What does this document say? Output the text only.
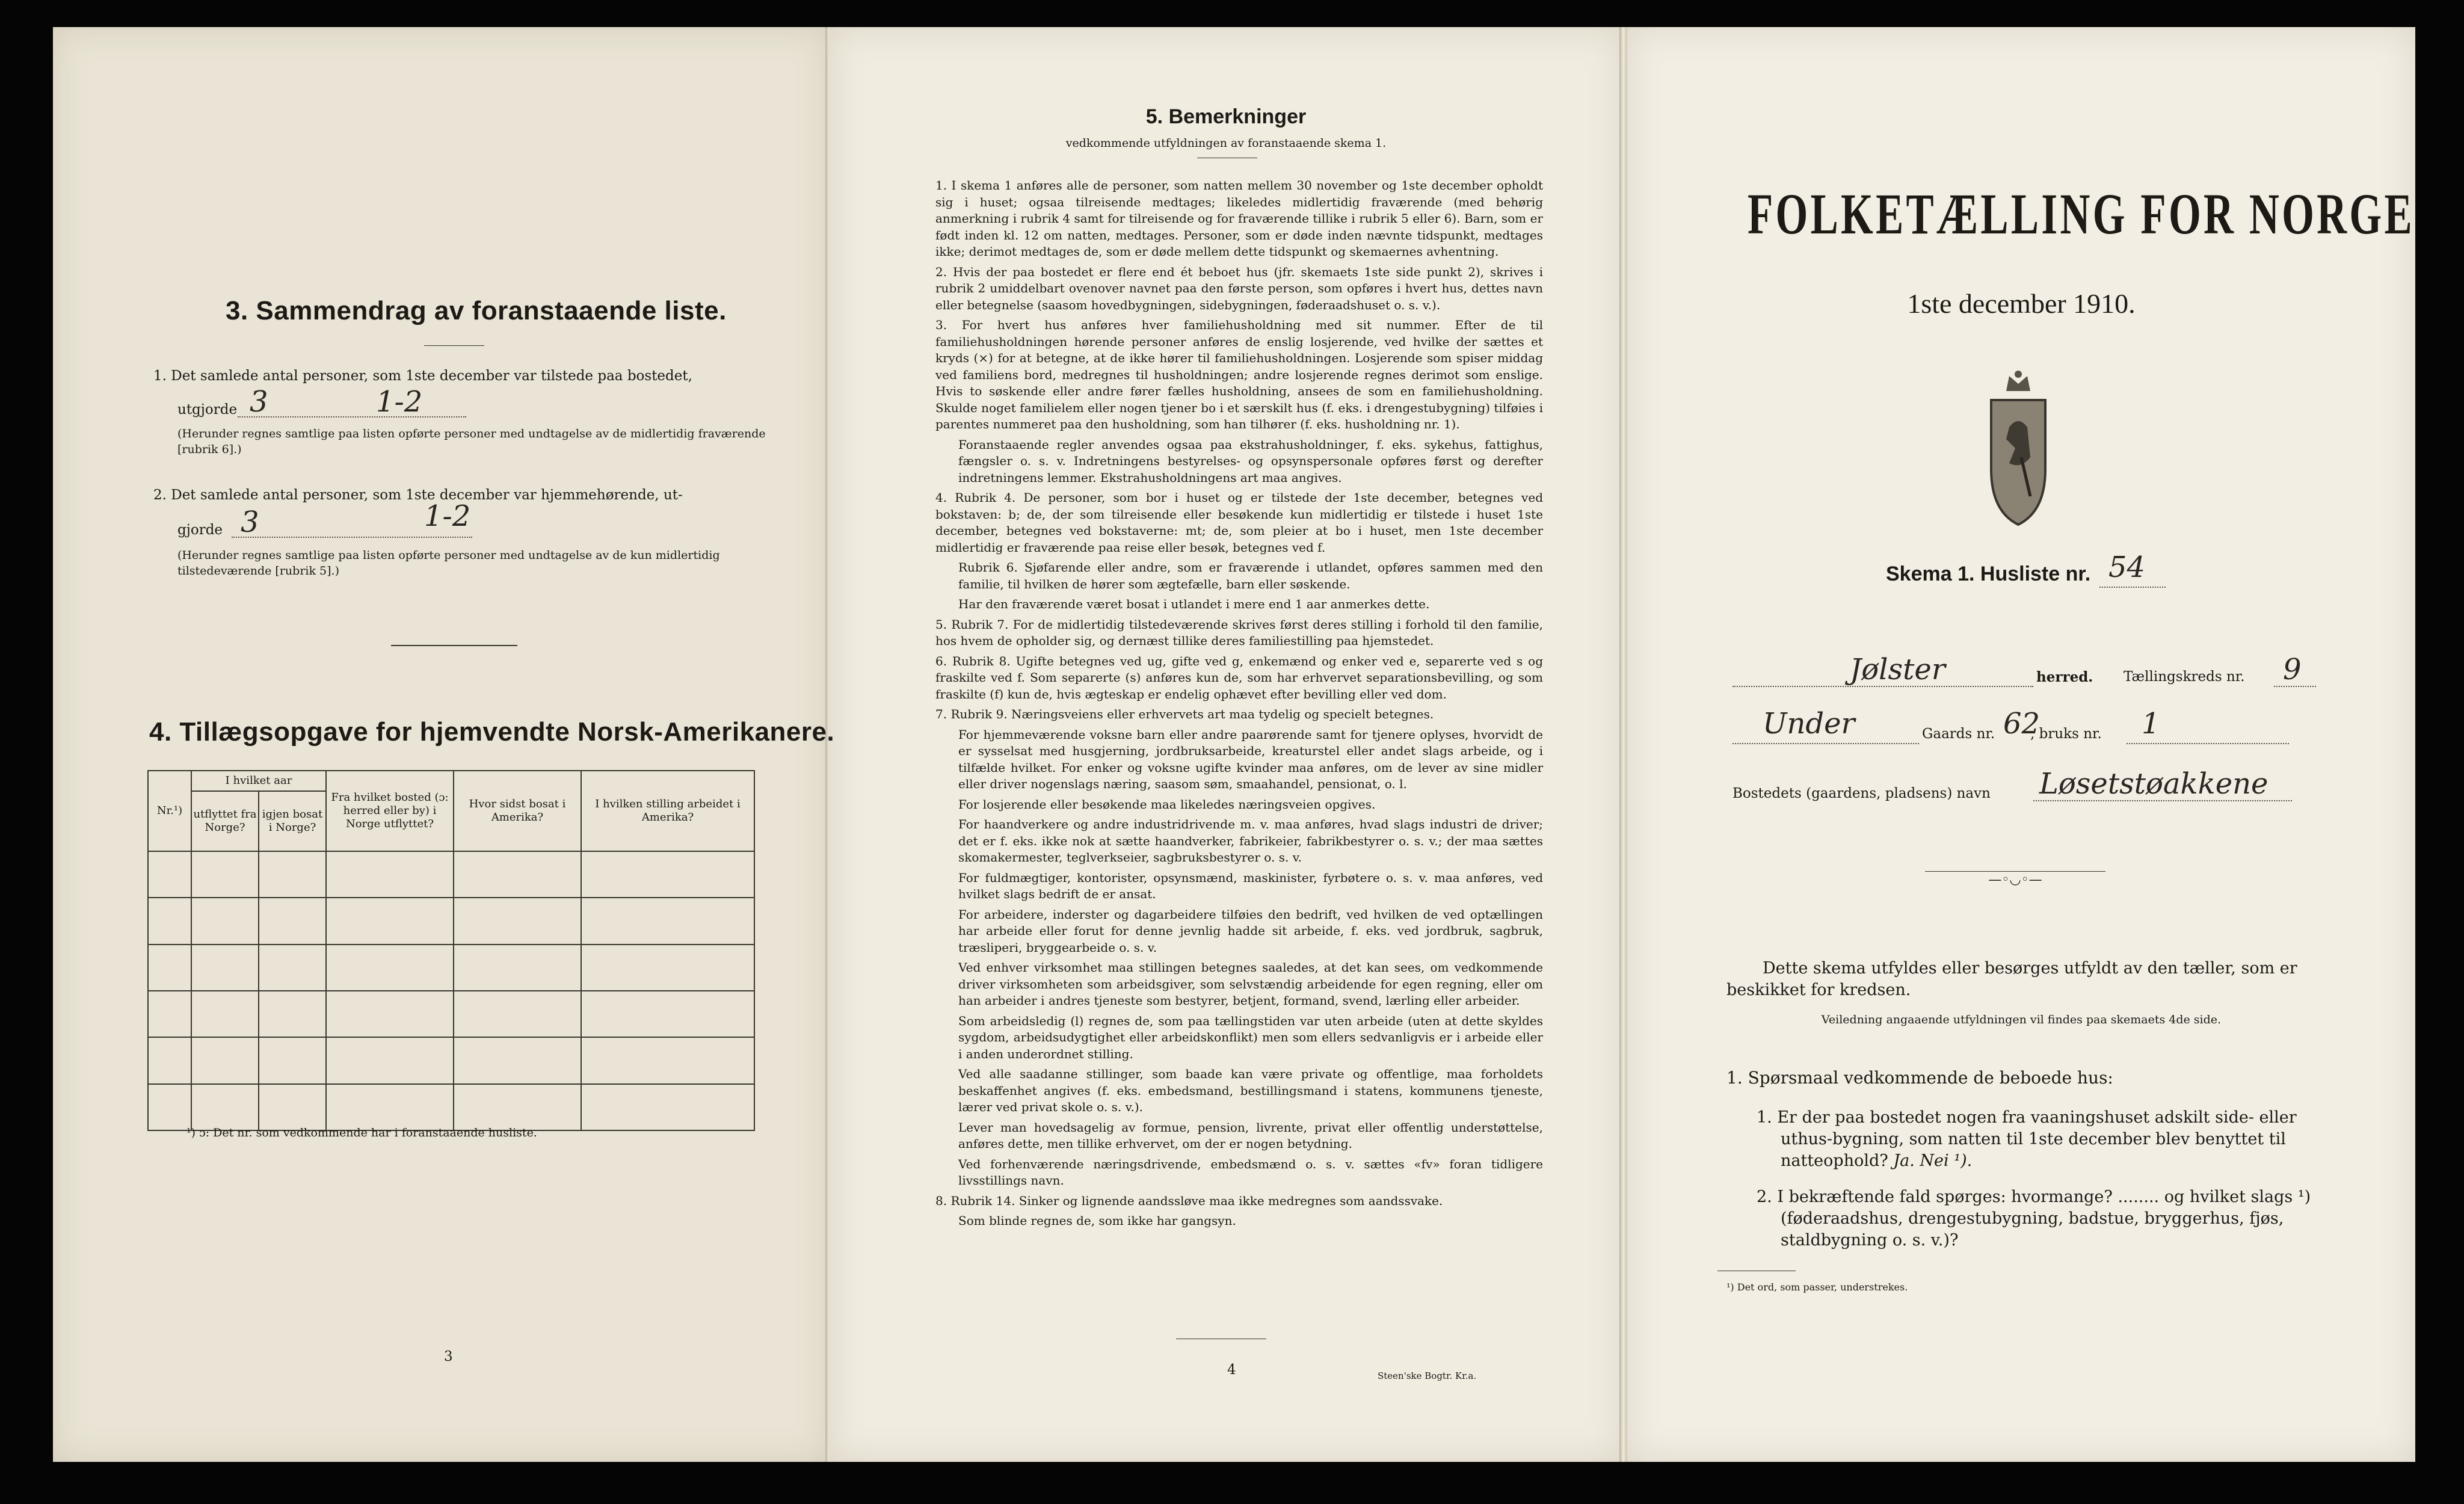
3. Sammendrag av foranstaaende liste.
1. Det samlede antal personer, som 1ste december var tilstede paa bostedet,
utgjorde 3	1-2
(Herunder regnes samtlige paa listen opførte personer med undtagelse av de midlertidig fraværende [rubrik 6].)
2. Det samlede antal personer, som 1ste december var hjemmehørende, ut-
gjorde 3	1-2
(Herunder regnes samtlige paa listen opførte personer med undtagelse av de kun midlertidig tilstedeværende [rubrik 5].)
4. Tillægsopgave for hjemvendte Norsk-Amerikanere.
Nr.¹)	I hvilket aar		Fra hvilket bosted (ɔ: herred eller by) i Norge utflyttet?	Hvor sidst bosat i Amerika?	I hvilken stilling arbeidet i Amerika?
	utflyttet fra Norge?	igjen bosat i Norge?			

¹) ɔ: Det nr. som vedkommende har i foranstaaende husliste.
3
5. Bemerkninger
vedkommende utfyldningen av foranstaaende skema 1.

1. I skema 1 anføres alle de personer, som natten mellem 30 november og 1ste december opholdt sig i huset; ogsaa tilreisende medtages; likeledes midlertidig fraværende (med behørig anmerkning i rubrik 4 samt for tilreisende og for fraværende tillike i rubrik 5 eller 6). Barn, som er født inden kl. 12 om natten, medtages. Personer, som er døde inden nævnte tidspunkt, medtages ikke; derimot medtages de, som er døde mellem dette tidspunkt og skemaernes avhentning.

2. Hvis der paa bostedet er flere end ét beboet hus (jfr. skemaets 1ste side punkt 2), skrives i rubrik 2 umiddelbart ovenover navnet paa den første person, som opføres i hvert hus, dettes navn eller betegnelse (saasom hovedbygningen, sidebygningen, føderaadshuset o. s. v.).

3. For hvert hus anføres hver familiehusholdning med sit nummer. Efter de til familiehusholdningen hørende personer anføres de enslig losjerende, ved hvilke der sættes et kryds (×) for at betegne, at de ikke hører til familiehusholdningen. Losjerende som spiser middag ved familiens bord, medregnes til husholdningen; andre losjerende regnes derimot som enslige. Hvis to søskende eller andre fører fælles husholdning, ansees de som en familiehusholdning. Skulde noget familielem eller nogen tjener bo i et særskilt hus (f. eks. i drengestubygning) tilføies i parentes nummeret paa den husholdning, som han tilhører (f. eks. husholdning nr. 1).

Foranstaaende regler anvendes ogsaa paa ekstrahusholdninger, f. eks. sykehus, fattighus, fængsler o. s. v. Indretningens bestyrelses- og opsynspersonale opføres først og derefter indretningens lemmer. Ekstrahusholdningens art maa angives.

4. Rubrik 4. De personer, som bor i huset og er tilstede der 1ste december, betegnes ved bokstaven: b; de, der som tilreisende eller besøkende kun midlertidig er tilstede i huset 1ste december, betegnes ved bokstaverne: mt; de, som pleier at bo i huset, men 1ste december midlertidig er fraværende paa reise eller besøk, betegnes ved f.

Rubrik 6. Sjøfarende eller andre, som er fraværende i utlandet, opføres sammen med den familie, til hvilken de hører som ægtefælle, barn eller søskende.

Har den fraværende været bosat i utlandet i mere end 1 aar anmerkes dette.

5. Rubrik 7. For de midlertidig tilstedeværende skrives først deres stilling i forhold til den familie, hos hvem de opholder sig, og dernæst tillike deres familiestilling paa hjemstedet.

6. Rubrik 8. Ugifte betegnes ved ug, gifte ved g, enkemænd og enker ved e, separerte ved s og fraskilte ved f. Som separerte (s) anføres kun de, som har erhvervet separationsbevilling, og som fraskilte (f) kun de, hvis ægteskap er endelig ophævet efter bevilling eller ved dom.

7. Rubrik 9. Næringsveiens eller erhvervets art maa tydelig og specielt betegnes.

For hjemmeværende voksne barn eller andre paarørende samt for tjenere oplyses, hvorvidt de er sysselsat med husgjerning, jordbruksarbeide, kreaturstel eller andet slags arbeide, og i tilfælde hvilket. For enker og voksne ugifte kvinder maa anføres, om de lever av sine midler eller driver nogenslags næring, saasom søm, smaahandel, pensionat, o. l.

For losjerende eller besøkende maa likeledes næringsveien opgives.

For haandverkere og andre industridrivende m. v. maa anføres, hvad slags industri de driver; det er f. eks. ikke nok at sætte haandverker, fabrikeier, fabrikbestyrer o. s. v.; der maa sættes skomakermester, teglverkseier, sagbruksbestyrer o. s. v.

For fuldmægtiger, kontorister, opsynsmænd, maskinister, fyrbøtere o. s. v. maa anføres, ved hvilket slags bedrift de er ansat.

For arbeidere, inderster og dagarbeidere tilføies den bedrift, ved hvilken de ved optællingen har arbeide eller forut for denne jevnlig hadde sit arbeide, f. eks. ved jordbruk, sagbruk, træsliperi, bryggearbeide o. s. v.

Ved enhver virksomhet maa stillingen betegnes saaledes, at det kan sees, om vedkommende driver virksomheten som arbeidsgiver, som selvstændig arbeidende for egen regning, eller om han arbeider i andres tjeneste som bestyrer, betjent, formand, svend, lærling eller arbeider.

Som arbeidsledig (l) regnes de, som paa tællingstiden var uten arbeide (uten at dette skyldes sygdom, arbeidsudygtighet eller arbeidskonflikt) men som ellers sedvanligvis er i arbeide eller i anden underordnet stilling.

Ved alle saadanne stillinger, som baade kan være private og offentlige, maa forholdets beskaffenhet angives (f. eks. embedsmand, bestillingsmand i statens, kommunens tjeneste, lærer ved privat skole o. s. v.).

Lever man hovedsagelig av formue, pension, livrente, privat eller offentlig understøttelse, anføres dette, men tillike erhvervet, om der er nogen betydning.

Ved forhenværende næringsdrivende, embedsmænd o. s. v. sættes «fv» foran tidligere livsstillings navn.

8. Rubrik 14. Sinker og lignende aandssløve maa ikke medregnes som aandssvake.

Som blinde regnes de, som ikke har gangsyn.

4	Steen'ske Bogtr. Kr.a.
FOLKETÆLLING FOR NORGE
1ste december 1910.
Skema 1. Husliste nr. 54
Jølster	herred. Tællingskreds nr. 9
Under	Gaards nr. 62
, bruks nr. 1
Bostedets (gaardens, pladsens) navn Løsetstøakkene
—◦◡◦—
Dette skema utfyldes eller besørges utfyldt av den tæller, som er beskikket for kredsen.
Veiledning angaaende utfyldningen vil findes paa skemaets 4de side.
1. Spørsmaal vedkommende de beboede hus:
1. Er der paa bostedet nogen fra vaaningshuset adskilt side- eller uthus-bygning, som natten til 1ste december blev benyttet til natteophold? Ja. Nei ¹).
2. I bekræftende fald spørges: hvormange? ........ og hvilket slags ¹) (føderaadshus, drengestubygning, badstue, bryggerhus, fjøs, staldbygning o. s. v.)?
¹) Det ord, som passer, understrekes.
